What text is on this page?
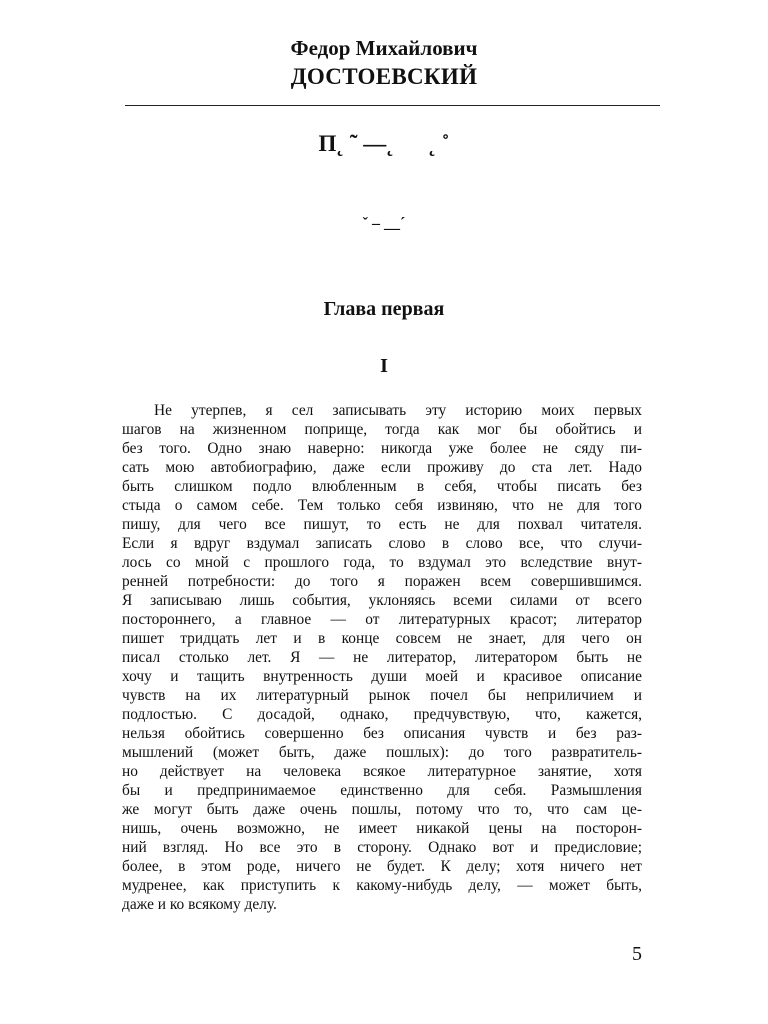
Федор Михайлович
ДОСТОЕВСКИЙ
П˛ ˜ —˛      ˛ ˚
ˇ – __´
Глава первая
I
Не утерпев, я сел записывать эту историю моих первых
шагов на жизненном поприще, тогда как мог бы обойтись и
без того. Одно знаю наверно: никогда уже более не сяду пи-
сать мою автобиографию, даже если проживу до ста лет. Надо
быть слишком подло влюбленным в себя, чтобы писать без
стыда о самом себе. Тем только себя извиняю, что не для того
пишу, для чего все пишут, то есть не для похвал читателя.
Если я вдруг вздумал записать слово в слово все, что случи-
лось со мной с прошлого года, то вздумал это вследствие внут-
ренней потребности: до того я поражен всем совершившимся.
Я записываю лишь события, уклоняясь всеми силами от всего
постороннего, а главное — от литературных красот; литератор
пишет тридцать лет и в конце совсем не знает, для чего он
писал столько лет. Я — не литератор, литератором быть не
хочу и тащить внутренность души моей и красивое описание
чувств на их литературный рынок почел бы неприличием и
подлостью. С досадой, однако, предчувствую, что, кажется,
нельзя обойтись совершенно без описания чувств и без раз-
мышлений (может быть, даже пошлых): до того развратитель-
но действует на человека всякое литературное занятие, хотя
бы и предпринимаемое единственно для себя. Размышления
же могут быть даже очень пошлы, потому что то, что сам це-
нишь, очень возможно, не имеет никакой цены на посторон-
ний взгляд. Но все это в сторону. Однако вот и предисловие;
более, в этом роде, ничего не будет. К делу; хотя ничего нет
мудренее, как приступить к какому-нибудь делу, — может быть,
даже и ко всякому делу.
5
